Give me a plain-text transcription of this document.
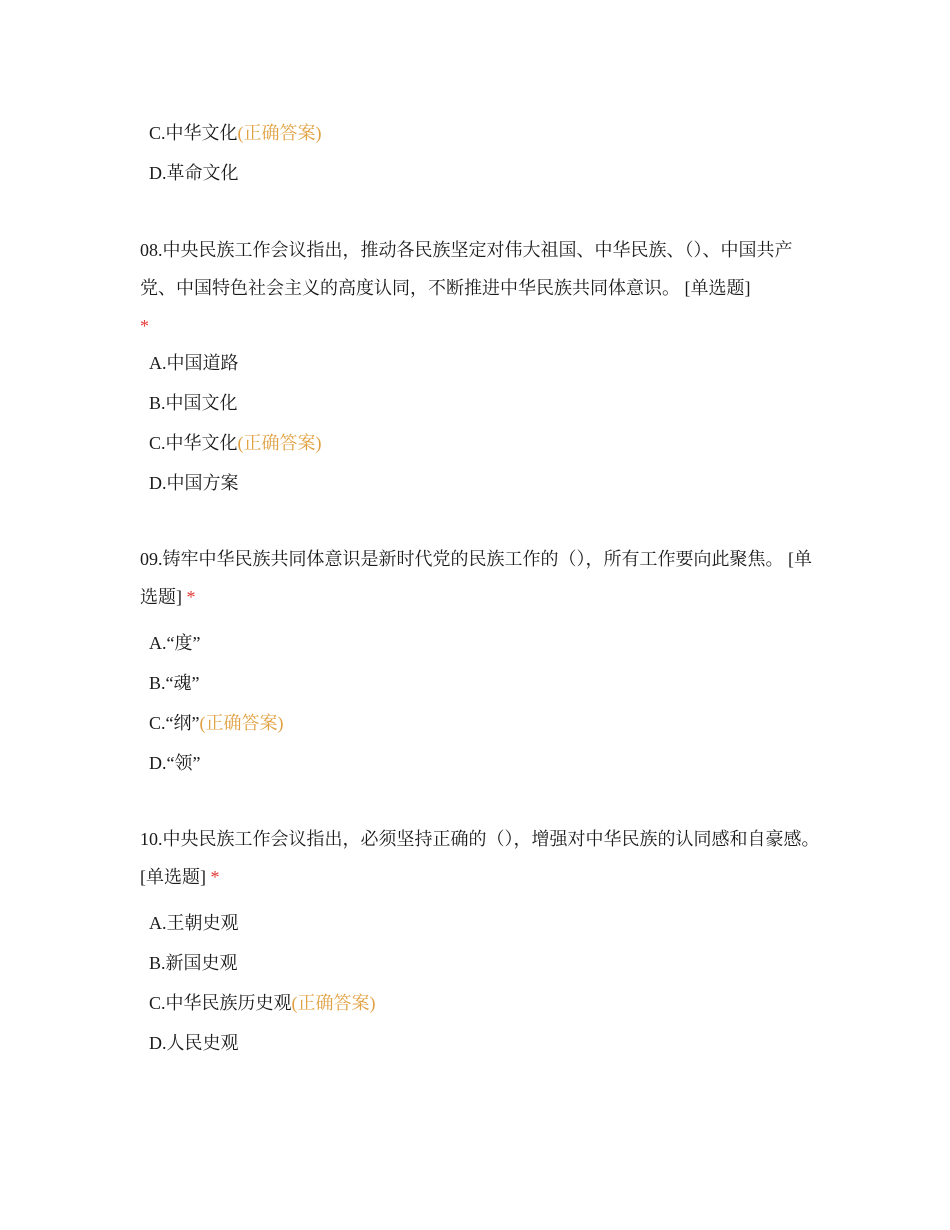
C.中华文化(正确答案)
D.革命文化
08.中央民族工作会议指出，推动各民族坚定对伟大祖国、中华民族、（）、中国共产党、中国特色社会主义的高度认同，不断推进中华民族共同体意识。 [单选题]
*
A.中国道路
B.中国文化
C.中华文化(正确答案)
D.中国方案
09.铸牢中华民族共同体意识是新时代党的民族工作的（），所有工作要向此聚焦。 [单选题] *
A.“度”
B.“魂”
C.“纲”(正确答案)
D.“领”
10.中央民族工作会议指出，必须坚持正确的（），增强对中华民族的认同感和自豪感。 [单选题] *
A.王朝史观
B.新国史观
C.中华民族历史观(正确答案)
D.人民史观
